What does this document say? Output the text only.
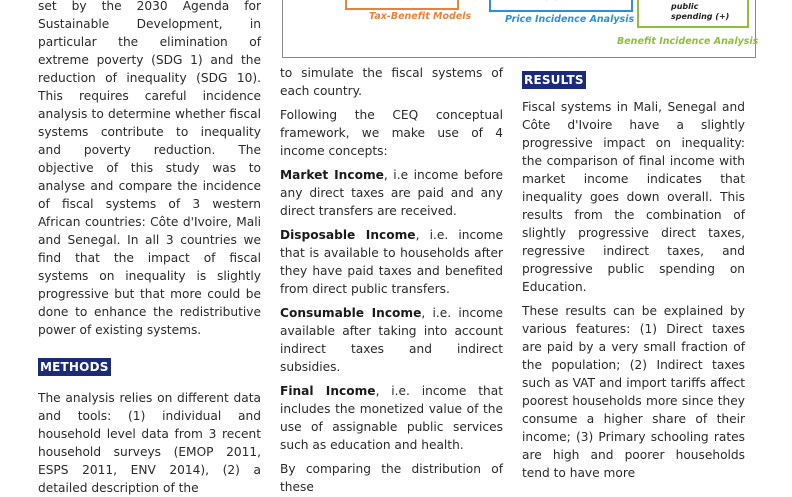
Tax-Benefit Models	Price Incidence Analysis
public
spending (+)
Benefit Incidence Analysis

set by the 2030 Agenda for Sustainable Development, in particular the elimination of extreme poverty (SDG 1) and the reduction of inequality (SDG 10). This requires careful incidence analysis to determine whether fiscal systems contribute to inequality and poverty reduction. The objective of this study was to analyse and compare the incidence of fiscal systems of 3 western African countries: Côte d'Ivoire, Mali and Senegal. In all 3 countries we find that the impact of fiscal systems on inequality is slightly progressive but that more could be done to enhance the redistributive power of existing systems.

METHODS

The analysis relies on different data and tools: (1) individual and household level data from 3 recent household surveys (EMOP 2011, ESPS 2011, ENV 2014), (2) a detailed description of the

to simulate the fiscal systems of each country.

Following the CEQ conceptual framework, we make use of 4 income concepts:

Market Income, i.e income before any direct taxes are paid and any direct transfers are received.

Disposable Income, i.e. income that is available to households after they have paid taxes and benefited from direct public transfers.

Consumable Income, i.e. income available after taking into account indirect taxes and indirect subsidies.

Final Income, i.e. income that includes the monetized value of the use of assignable public services such as education and health.

By comparing the distribution of these

RESULTS

Fiscal systems in Mali, Senegal and Côte d'Ivoire have a slightly progressive impact on inequality: the comparison of final income with market income indicates that inequality goes down overall. This results from the combination of slightly progressive direct taxes, regressive indirect taxes, and progressive public spending on Education.

These results can be explained by various features: (1) Direct taxes are paid by a very small fraction of the population; (2) Indirect taxes such as VAT and import tariffs affect poorest households more since they consume a higher share of their income; (3) Primary schooling rates are high and poorer households tend to have more
